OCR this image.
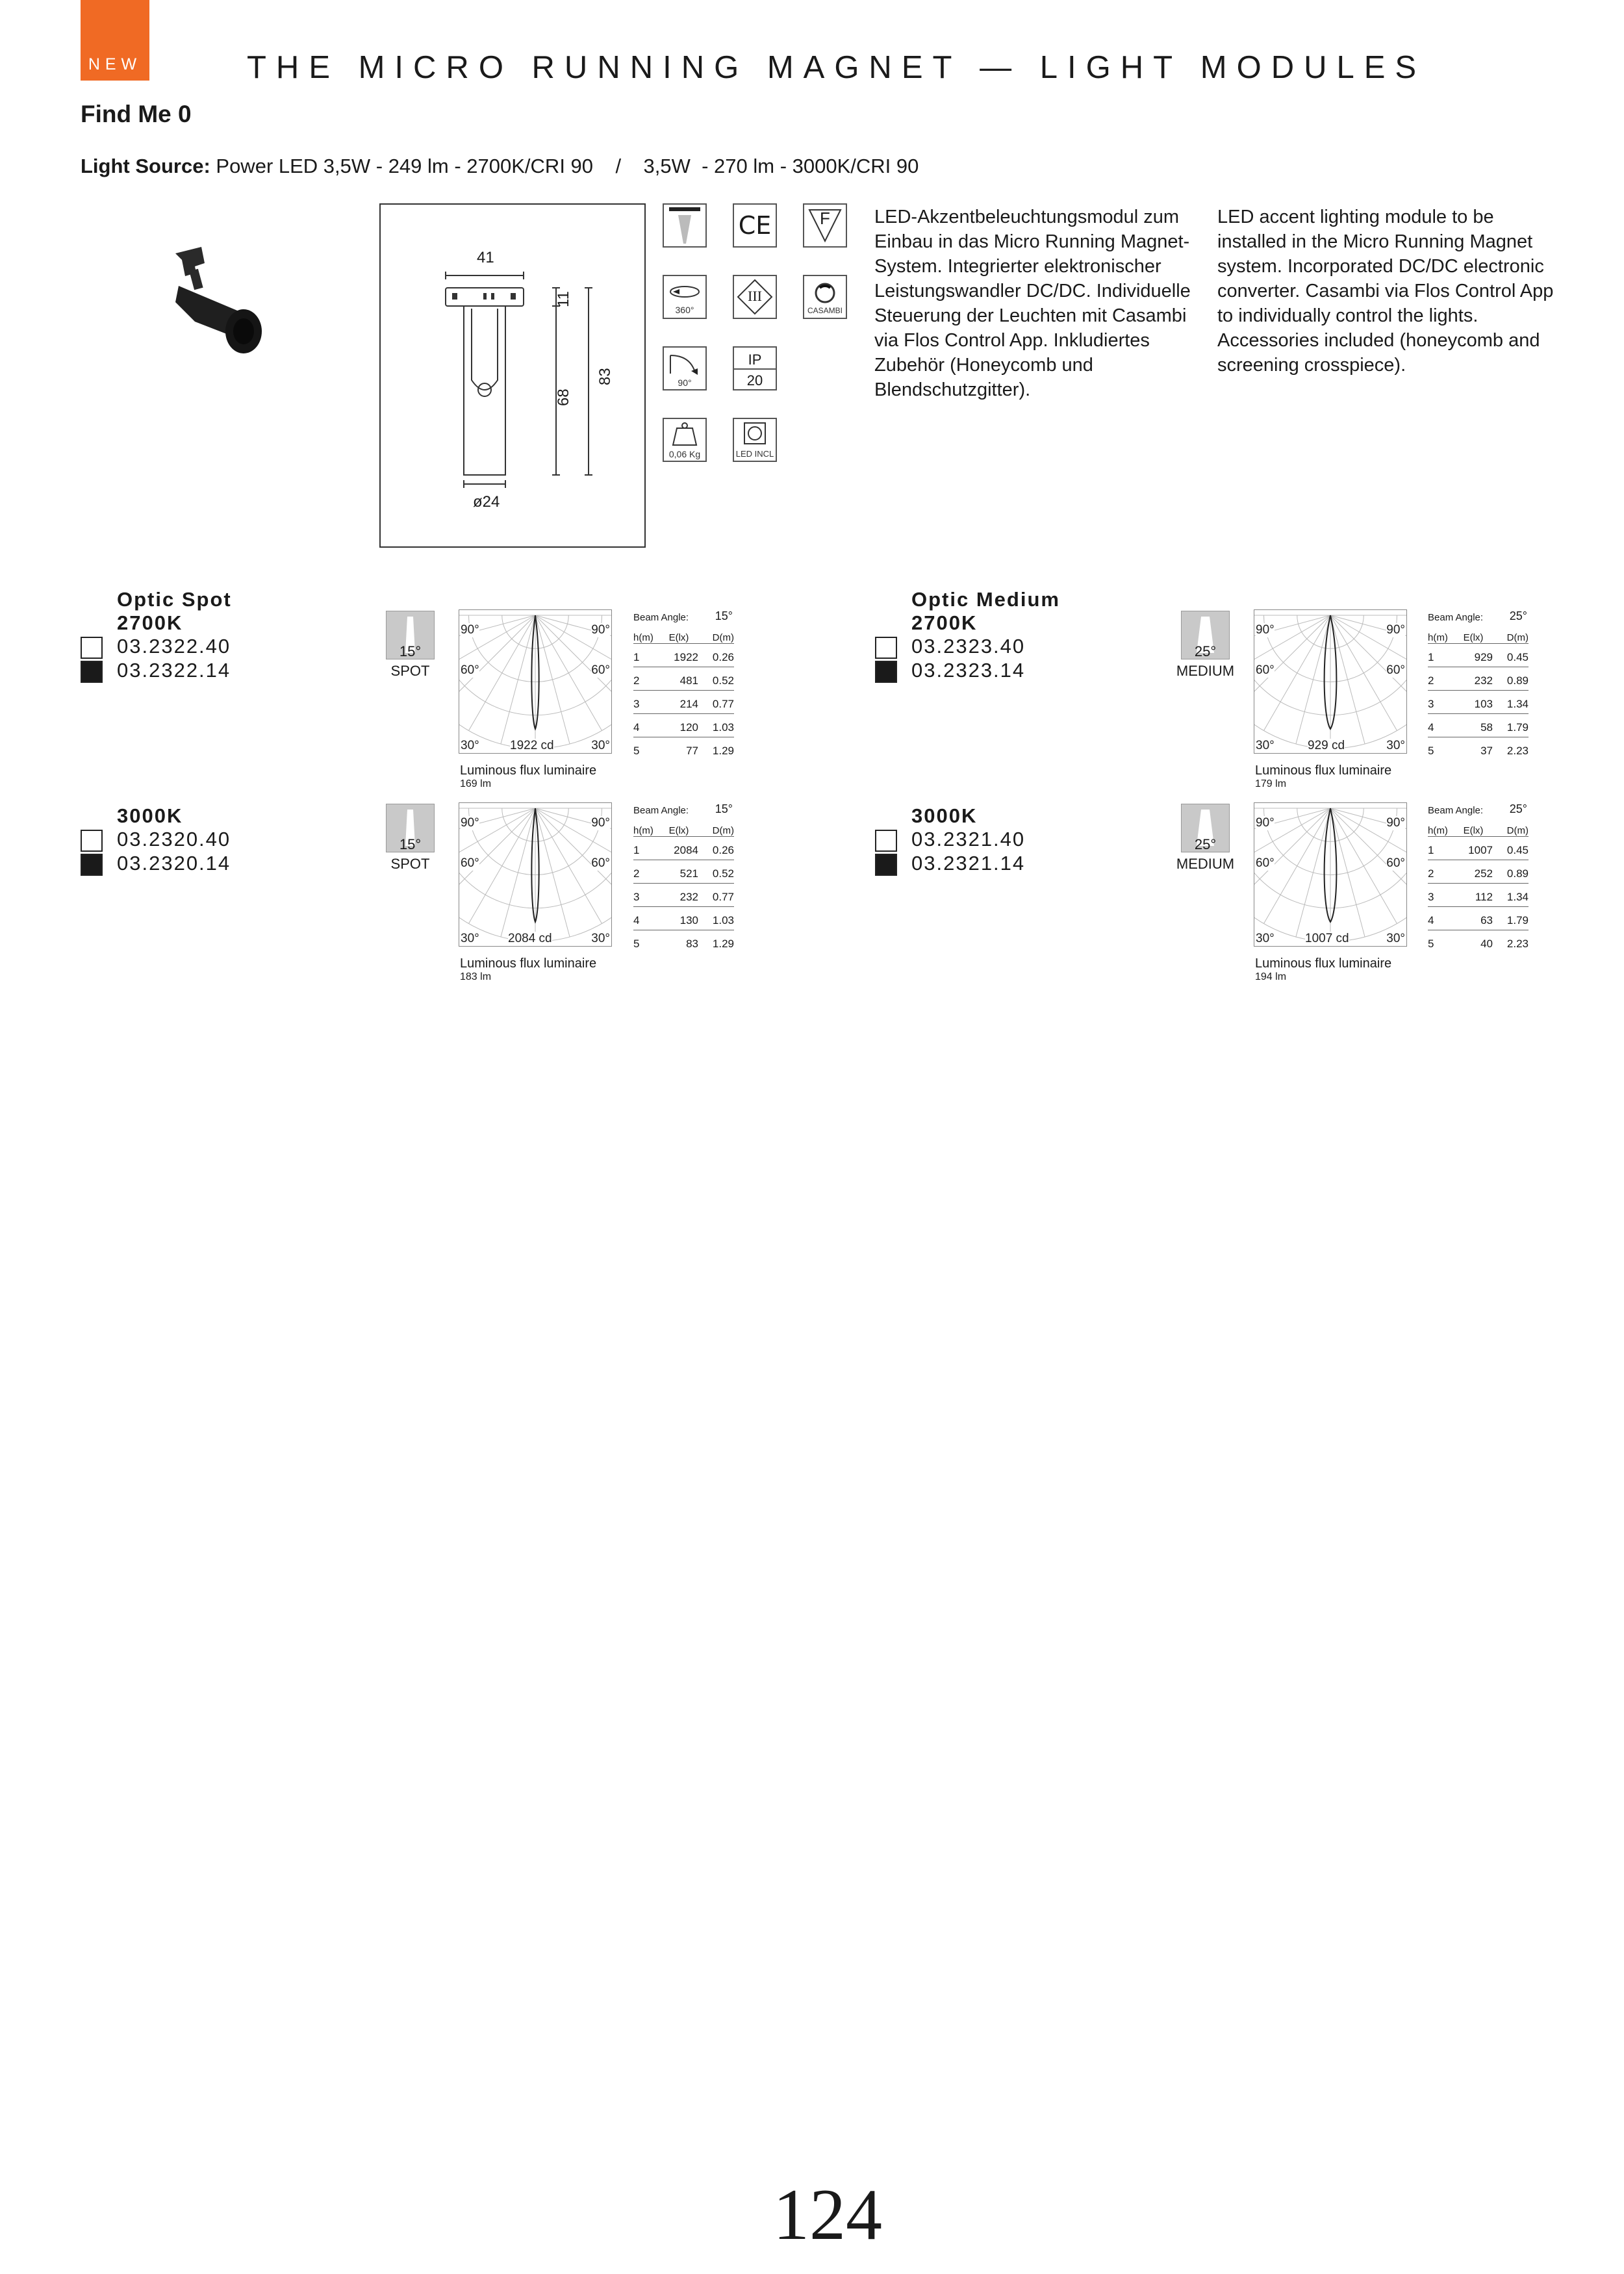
NEW	THE MICRO RUNNING MAGNET — LIGHT MODULES
Find Me 0
Light Source: Power LED 3,5W - 249 lm - 2700K/CRI 90    /    3,5W  - 270 lm - 3000K/CRI 90
41
11
68
83
ø24
CE	F
360°
III
CASAMBI
90°
IP
20
0,06 Kg	LED INCL
LED-Akzentbeleuchtungsmodul zum Einbau in das Micro Running Magnet-System. Integrierter elektronischer Leistungswandler DC/DC. Individuelle Steuerung der Leuchten mit Casambi via Flos Control App. Inkludiertes Zubehör (Honeycomb und Blendschutzgitter).
LED accent lighting module to be installed in the Micro Running Magnet system. Incorporated DC/DC electronic converter. Casambi via Flos Control App to individually control the lights. Accessories included (honeycomb and screening crosspiece).
Optic Spot
2700K
03.2322.40
03.2322.14
15°
SPOT
90°	90°
60°	60°
30°	30°
1922 cd
Luminous flux luminaire
169 lm
Beam Angle: 15°
h(m)	E(lx)	D(m)
1	1922	0.26
2	481	0.52
3	214	0.77
4	120	1.03
5	77	1.29
3000K
03.2320.40
03.2320.14
15°
SPOT
90°	90°
60°	60°
30°	30°
2084 cd
Luminous flux luminaire
183 lm
Beam Angle: 15°
h(m)	E(lx)	D(m)
1	2084	0.26
2	521	0.52
3	232	0.77
4	130	1.03
5	83	1.29
Optic Medium
2700K
03.2323.40
03.2323.14
25°
MEDIUM
90°	90°
60°	60°
30°	30°
929 cd
Luminous flux luminaire
179 lm
Beam Angle: 25°
h(m)	E(lx)	D(m)
1	929	0.45
2	232	0.89
3	103	1.34
4	58	1.79
5	37	2.23
3000K
03.2321.40
03.2321.14
25°
MEDIUM
90°	90°
60°	60°
30°	30°
1007 cd
Luminous flux luminaire
194 lm
Beam Angle: 25°
h(m)	E(lx)	D(m)
1	1007	0.45
2	252	0.89
3	112	1.34
4	63	1.79
5	40	2.23
124
